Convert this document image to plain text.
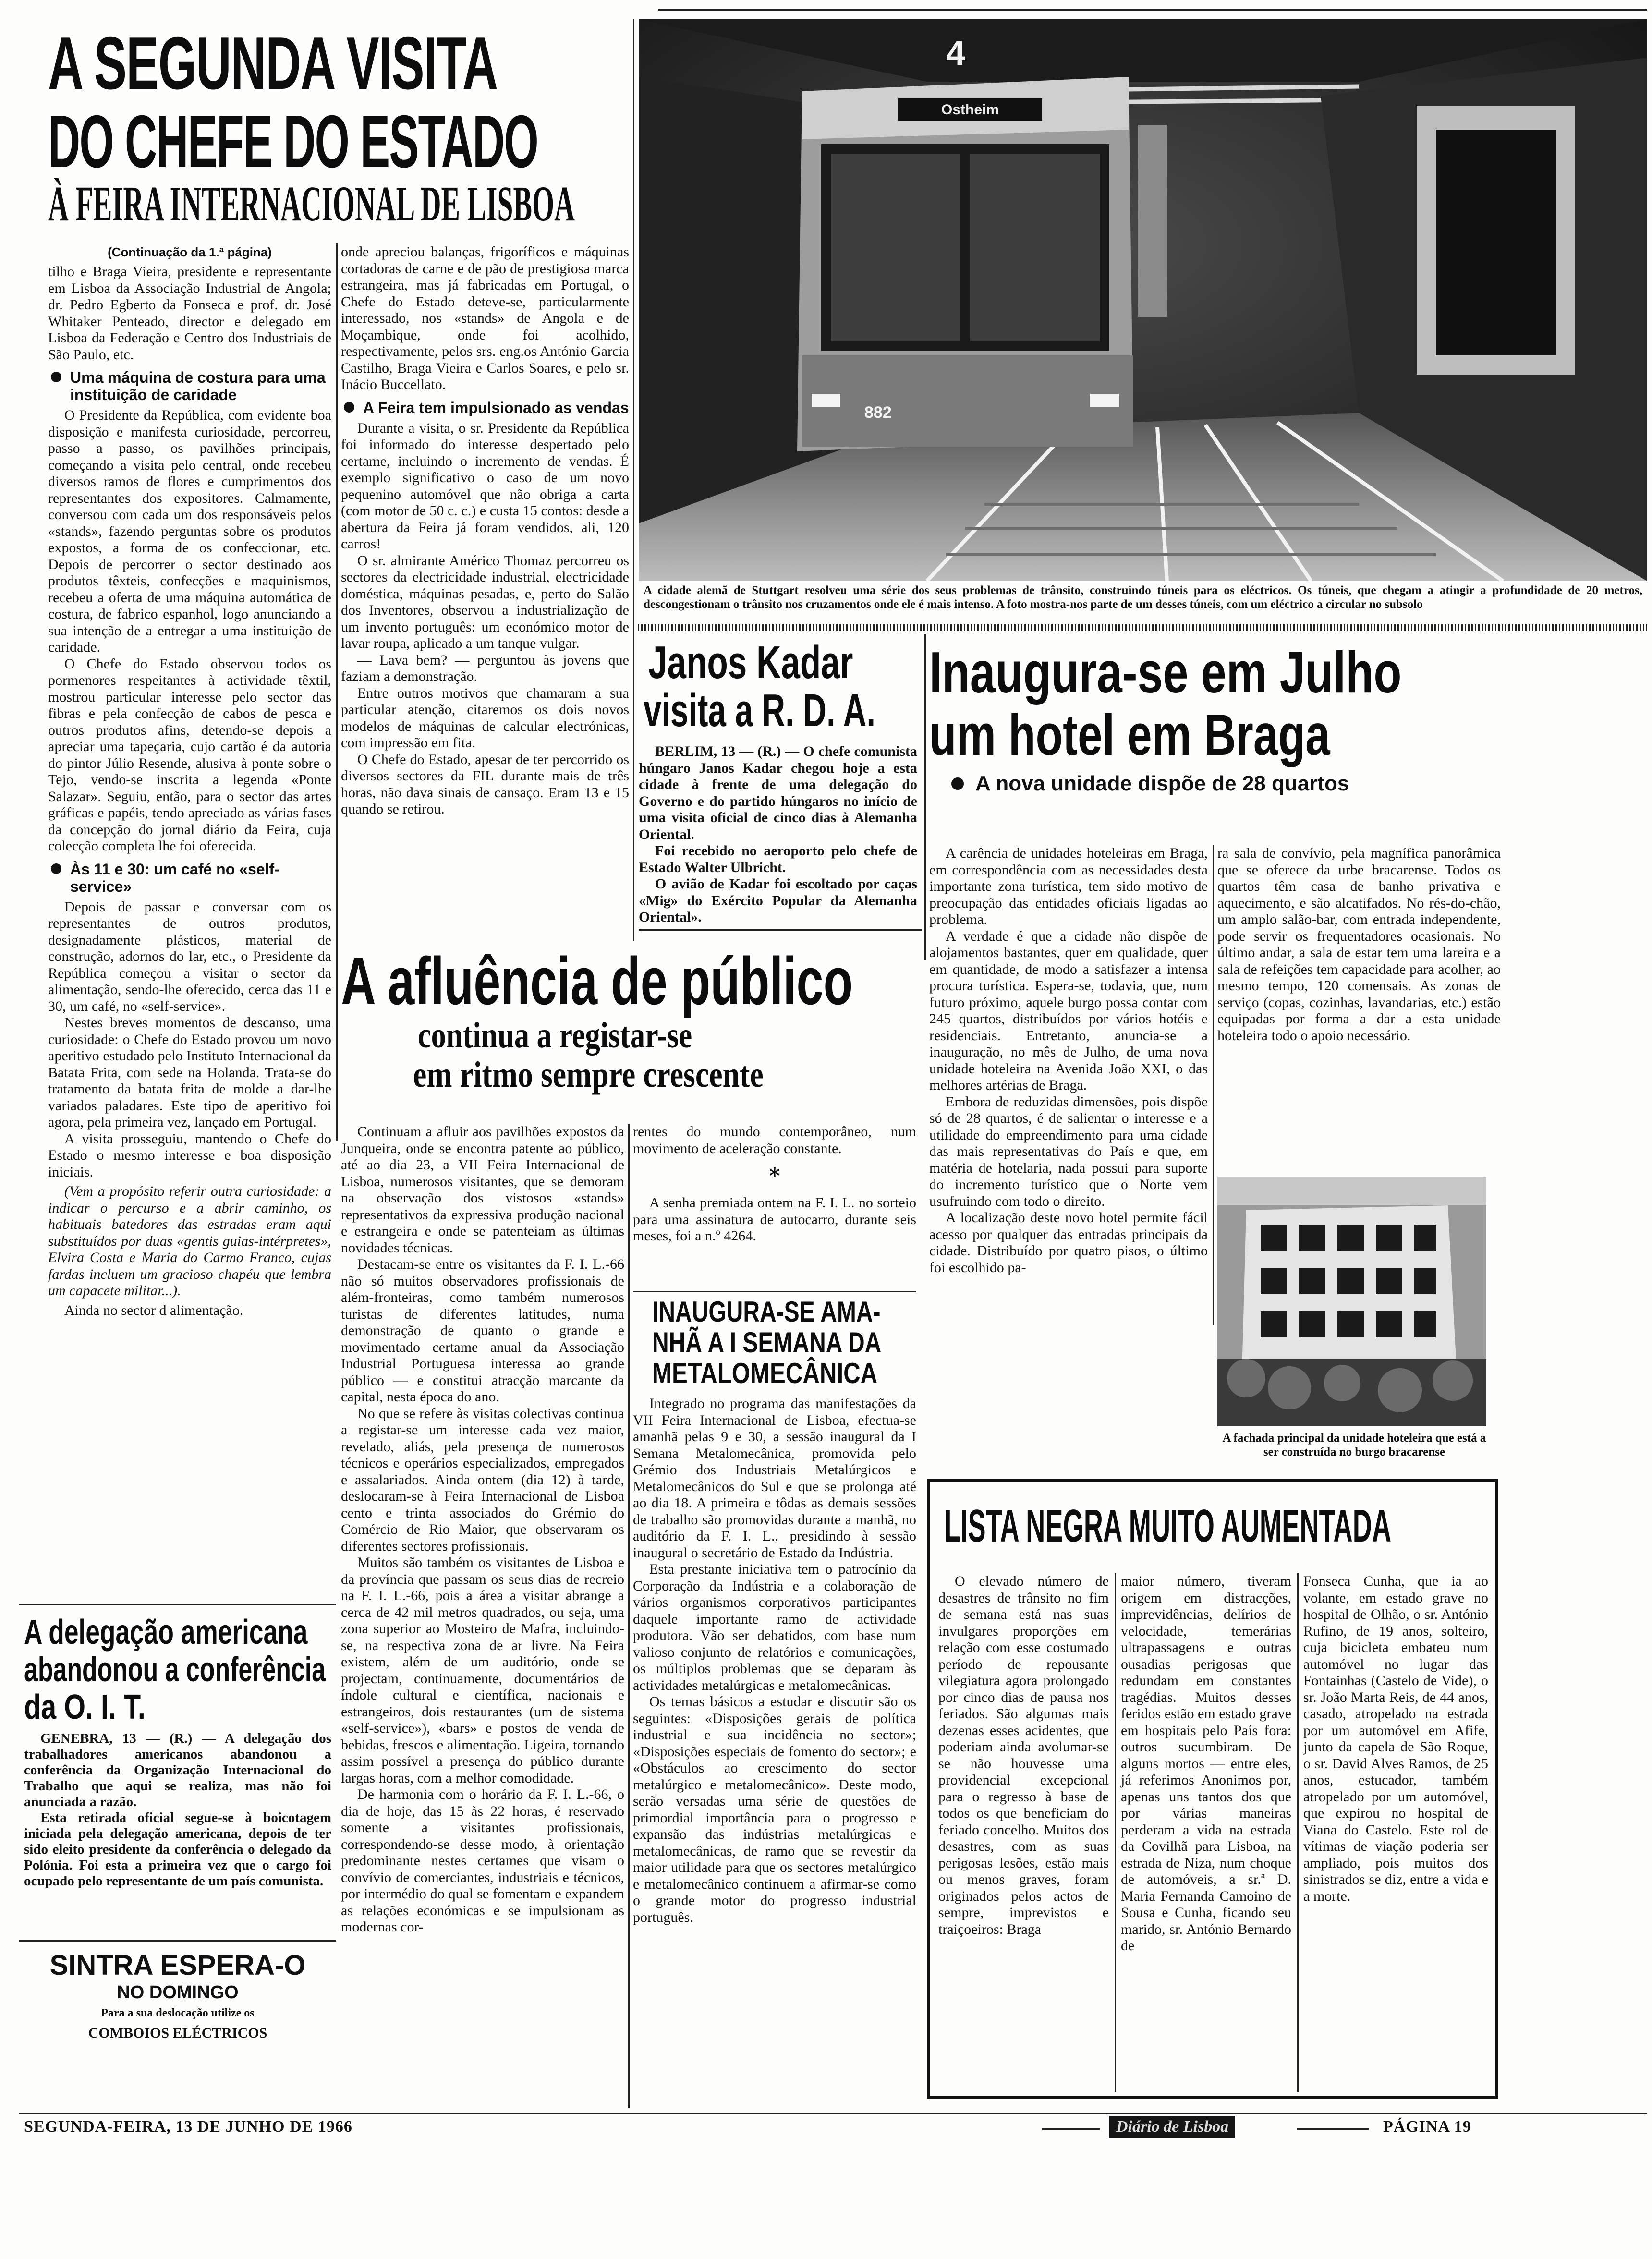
A SEGUNDA VISITA
DO CHEFE DO ESTADO
À FEIRA INTERNACIONAL DE LISBOA
(Continuação da 1.ª página)

tilho e Braga Vieira, presidente e representante em Lisboa da Associação Industrial de Angola; dr. Pedro Egberto da Fonseca e prof. dr. José Whitaker Penteado, director e delegado em Lisboa da Federação e Centro dos Industriais de São Paulo, etc.

Uma máquina de costura para uma instituição de caridade

O Presidente da República, com evidente boa disposição e manifesta curiosidade, percorreu, passo a passo, os pavilhões principais, começando a visita pelo central, onde recebeu diversos ramos de flores e cumprimentos dos representantes dos expositores. Calmamente, conversou com cada um dos responsáveis pelos «stands», fazendo perguntas sobre os produtos expostos, a forma de os confeccionar, etc. Depois de percorrer o sector destinado aos produtos têxteis, confecções e maquinismos, recebeu a oferta de uma máquina automática de costura, de fabrico espanhol, logo anunciando a sua intenção de a entregar a uma instituição de caridade.

O Chefe do Estado observou todos os pormenores respeitantes à actividade têxtil, mostrou particular interesse pelo sector das fibras e pela confecção de cabos de pesca e outros produtos afins, detendo-se depois a apreciar uma tapeçaria, cujo cartão é da autoria do pintor Júlio Resende, alusiva à ponte sobre o Tejo, vendo-se inscrita a legenda «Ponte Salazar». Seguiu, então, para o sector das artes gráficas e papéis, tendo apreciado as várias fases da concepção do jornal diário da Feira, cuja colecção completa lhe foi oferecida.

Às 11 e 30: um café no «self-service»

Depois de passar e conversar com os representantes de outros produtos, designadamente plásticos, material de construção, adornos do lar, etc., o Presidente da República começou a visitar o sector da alimentação, sendo-lhe oferecido, cerca das 11 e 30, um café, no «self-service».

Nestes breves momentos de descanso, uma curiosidade: o Chefe do Estado provou um novo aperitivo estudado pelo Instituto Internacional da Batata Frita, com sede na Holanda. Trata-se do tratamento da batata frita de molde a dar-lhe variados paladares. Este tipo de aperitivo foi agora, pela primeira vez, lançado em Portugal.

A visita prosseguiu, mantendo o Chefe do Estado o mesmo interesse e boa disposição iniciais.

(Vem a propósito referir outra curiosidade: a indicar o percurso e a abrir caminho, os habituais batedores das estradas eram aqui substituídos por duas «gentis guias-intérpretes», Elvira Costa e Maria do Carmo Franco, cujas fardas incluem um gracioso chapéu que lembra um capacete militar...).

Ainda no sector d alimentação.

onde apreciou balanças, frigoríficos e máquinas cortadoras de carne e de pão de prestigiosa marca estrangeira, mas já fabricadas em Portugal, o Chefe do Estado deteve-se, particularmente interessado, nos «stands» de Angola e de Moçambique, onde foi acolhido, respectivamente, pelos srs. eng.os António Garcia Castilho, Braga Vieira e Carlos Soares, e pelo sr. Inácio Buccellato.

A Feira tem impulsionado as vendas

Durante a visita, o sr. Presidente da República foi informado do interesse despertado pelo certame, incluindo o incremento de vendas. É exemplo significativo o caso de um novo pequenino automóvel que não obriga a carta (com motor de 50 c. c.) e custa 15 contos: desde a abertura da Feira já foram vendidos, ali, 120 carros!

O sr. almirante Américo Thomaz percorreu os sectores da electricidade industrial, electricidade doméstica, máquinas pesadas, e, perto do Salão dos Inventores, observou a industrialização de um invento português: um económico motor de lavar roupa, aplicado a um tanque vulgar.

— Lava bem? — perguntou às jovens que faziam a demonstração.

Entre outros motivos que chamaram a sua particular atenção, citaremos os dois novos modelos de máquinas de calcular electrónicas, com impressão em fita.

O Chefe do Estado, apesar de ter percorrido os diversos sectores da FIL durante mais de três horas, não dava sinais de cansaço. Eram 13 e 15 quando se retirou.

Ostheim
4
882
A cidade alemã de Stuttgart resolveu uma série dos seus problemas de trânsito, construindo túneis para os eléctricos. Os túneis, que chegam a atingir a profundidade de 20 metros, descongestionam o trânsito nos cruzamentos onde ele é mais intenso. A foto mostra-nos parte de um desses túneis, com um eléctrico a circular no subsolo
Janos Kadar
visita a R. D. A.

BERLIM, 13 — (R.) — O chefe comunista húngaro Janos Kadar chegou hoje a esta cidade à frente de uma delegação do Governo e do partido húngaros no início de uma visita oficial de cinco dias à Alemanha Oriental.

Foi recebido no aeroporto pelo chefe de Estado Walter Ulbricht.

O avião de Kadar foi escoltado por caças «Mig» do Exército Popular da Alemanha Oriental».

Inaugura-se em Julho
um hotel em Braga
A nova unidade dispõe de 28 quartos

A carência de unidades hoteleiras em Braga, em correspondência com as necessidades desta importante zona turística, tem sido motivo de preocupação das entidades oficiais ligadas ao problema.

A verdade é que a cidade não dispõe de alojamentos bastantes, quer em qualidade, quer em quantidade, de modo a satisfazer a intensa procura turística. Espera-se, todavia, que, num futuro próximo, aquele burgo possa contar com 245 quartos, distribuídos por vários hotéis e residenciais. Entretanto, anuncia-se a inauguração, no mês de Julho, de uma nova unidade hoteleira na Avenida João XXI, o das melhores artérias de Braga.

Embora de reduzidas dimensões, pois dispõe só de 28 quartos, é de salientar o interesse e a utilidade do empreendimento para uma cidade das mais representativas do País e que, em matéria de hotelaria, nada possui para suporte do incremento turístico que o Norte vem usufruindo com todo o direito.

A localização deste novo hotel permite fácil acesso por qualquer das entradas principais da cidade. Distribuído por quatro pisos, o último foi escolhido pa-

ra sala de convívio, pela magnífica panorâmica que se oferece da urbe bracarense. Todos os quartos têm casa de banho privativa e aquecimento, e são alcatifados. No rés-do-chão, um amplo salão-bar, com entrada independente, pode servir os frequentadores ocasionais. No último andar, a sala de estar tem uma lareira e a sala de refeições tem capacidade para acolher, ao mesmo tempo, 120 comensais. As zonas de serviço (copas, cozinhas, lavandarias, etc.) estão equipadas por forma a dar a esta unidade hoteleira todo o apoio necessário.

A fachada principal da unidade hoteleira que está a ser construída no burgo bracarense
A afluência de público
continua a registar-se
em ritmo sempre crescente

Continuam a afluir aos pavilhões expostos da Junqueira, onde se encontra patente ao público, até ao dia 23, a VII Feira Internacional de Lisboa, numerosos visitantes, que se demoram na observação dos vistosos «stands» representativos da expressiva produção nacional e estrangeira e onde se patenteiam as últimas novidades técnicas.

Destacam-se entre os visitantes da F. I. L.-66 não só muitos observadores profissionais de além-fronteiras, como também numerosos turistas de diferentes latitudes, numa demonstração de quanto o grande e movimentado certame anual da Associação Industrial Portuguesa interessa ao grande público — e constitui atracção marcante da capital, nesta época do ano.

No que se refere às visitas colectivas continua a registar-se um interesse cada vez maior, revelado, aliás, pela presença de numerosos técnicos e operários especializados, empregados e assalariados. Ainda ontem (dia 12) à tarde, deslocaram-se à Feira Internacional de Lisboa cento e trinta associados do Grémio do Comércio de Rio Maior, que observaram os diferentes sectores profissionais.

Muitos são também os visitantes de Lisboa e da província que passam os seus dias de recreio na F. I. L.-66, pois a área a visitar abrange a cerca de 42 mil metros quadrados, ou seja, uma zona superior ao Mosteiro de Mafra, incluindo-se, na respectiva zona de ar livre. Na Feira existem, além de um auditório, onde se projectam, continuamente, documentários de índole cultural e científica, nacionais e estrangeiros, dois restaurantes (um de sistema «self-service»), «bars» e postos de venda de bebidas, frescos e alimentação. Ligeira, tornando assim possível a presença do público durante largas horas, com a melhor comodidade.

De harmonia com o horário da F. I. L.-66, o dia de hoje, das 15 às 22 horas, é reservado somente a visitantes profissionais, correspondendo-se desse modo, à orientação predominante nestes certames que visam o convívio de comerciantes, industriais e técnicos, por intermédio do qual se fomentam e expandem as relações económicas e se impulsionam as modernas cor-

rentes do mundo contemporâneo, num movimento de aceleração constante.

*

A senha premiada ontem na F. I. L. no sorteio para uma assinatura de autocarro, durante seis meses, foi a n.º 4264.

INAUGURA-SE AMA-
NHÃ A I SEMANA DA
METALOMECÂNICA

Integrado no programa das manifestações da VII Feira Internacional de Lisboa, efectua-se amanhã pelas 9 e 30, a sessão inaugural da I Semana Metalomecânica, promovida pelo Grémio dos Industriais Metalúrgicos e Metalomecânicos do Sul e que se prolonga até ao dia 18. A primeira e tôdas as demais sessões de trabalho são promovidas durante a manhã, no auditório da F. I. L., presidindo à sessão inaugural o secretário de Estado da Indústria.

Esta prestante iniciativa tem o patrocínio da Corporação da Indústria e a colaboração de vários organismos corporativos participantes daquele importante ramo de actividade produtora. Vão ser debatidos, com base num valioso conjunto de relatórios e comunicações, os múltiplos problemas que se deparam às actividades metalúrgicas e metalomecânicas.

Os temas básicos a estudar e discutir são os seguintes: «Disposições gerais de política industrial e sua incidência no sector»; «Disposições especiais de fomento do sector»; e «Obstáculos ao crescimento do sector metalúrgico e metalomecânico». Deste modo, serão versadas uma série de questões de primordial importância para o progresso e expansão das indústrias metalúrgicas e metalomecânicas, de ramo que se revestir da maior utilidade para que os sectores metalúrgico e metalomecânico continuem a afirmar-se como o grande motor do progresso industrial português.

A delegação americana
abandonou a conferência
da O. I. T.

GENEBRA, 13 — (R.) — A delegação dos trabalhadores americanos abandonou a conferência da Organização Internacional do Trabalho que aqui se realiza, mas não foi anunciada a razão.

Esta retirada oficial segue-se à boicotagem iniciada pela delegação americana, depois de ter sido eleito presidente da conferência o delegado da Polónia. Foi esta a primeira vez que o cargo foi ocupado pelo representante de um país comunista.

SINTRA ESPERA-O
NO DOMINGO
Para a sua deslocação utilize os
COMBOIOS ELÉCTRICOS
LISTA NEGRA MUITO AUMENTADA

O elevado número de desastres de trânsito no fim de semana está nas suas invulgares proporções em relação com esse costumado período de repousante vilegiatura agora prolongado por cinco dias de pausa nos feriados. São algumas mais dezenas esses acidentes, que poderiam ainda avolumar-se se não houvesse uma providencial excepcional para o regresso à base de todos os que beneficiam do feriado concelho. Muitos dos desastres, com as suas perigosas lesões, estão mais ou menos graves, foram originados pelos actos de sempre, imprevistos e traiçoeiros: Braga

maior número, tiveram origem em distracções, imprevidências, delírios de velocidade, temerárias ultrapassagens e outras ousadias perigosas que redundam em constantes tragédias. Muitos desses feridos estão em estado grave em hospitais pelo País fora: outros sucumbiram. De alguns mortos — entre eles, já referimos Anonimos por, apenas uns tantos dos que por várias maneiras perderam a vida na estrada da Covilhã para Lisboa, na estrada de Niza, num choque de automóveis, a sr.ª D. Maria Fernanda Camoino de Sousa e Cunha, ficando seu marido, sr. António Bernardo de

Fonseca Cunha, que ia ao volante, em estado grave no hospital de Olhão, o sr. António Rufino, de 19 anos, solteiro, cuja bicicleta embateu num automóvel no lugar das Fontainhas (Castelo de Vide), o sr. João Marta Reis, de 44 anos, casado, atropelado na estrada por um automóvel em Afife, junto da capela de São Roque, o sr. David Alves Ramos, de 25 anos, estucador, também atropelado por um automóvel, que expirou no hospital de Viana do Castelo. Este rol de vítimas de viação poderia ser ampliado, pois muitos dos sinistrados se diz, entre a vida e a morte.

SEGUNDA-FEIRA, 13 DE JUNHO DE 1966	Diário de Lisboa	PÁGINA 19
